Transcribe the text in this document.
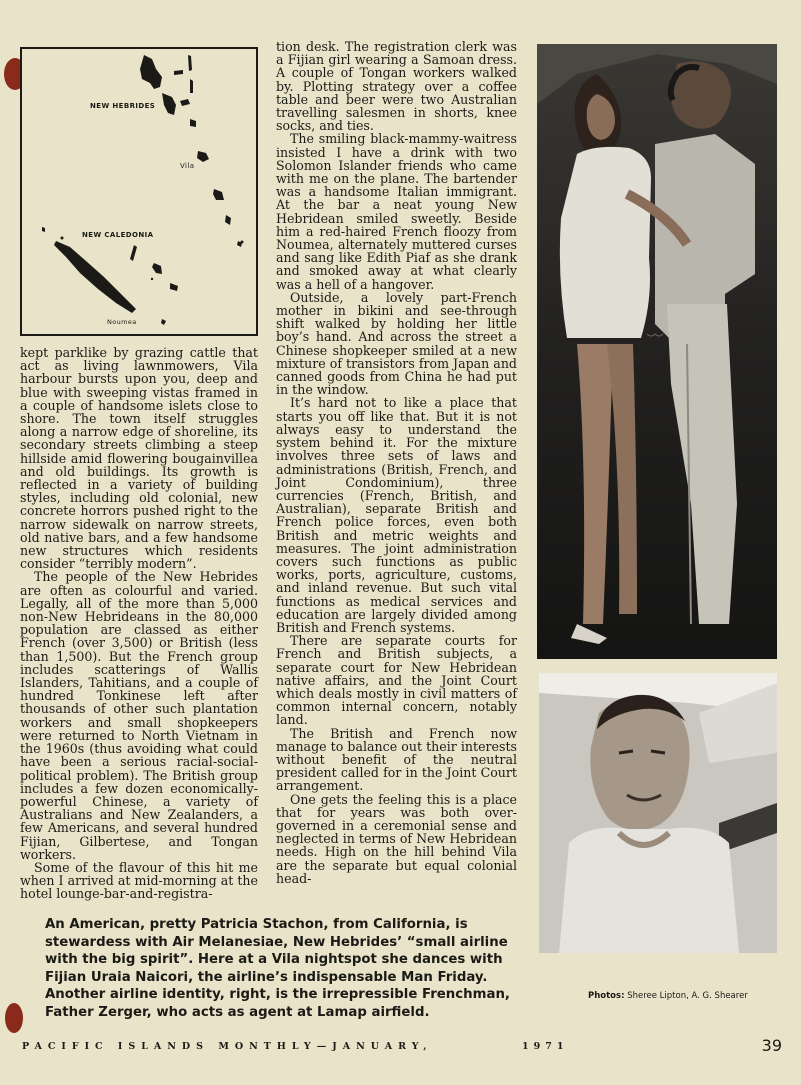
NEW HEBRIDES
Vila
NEW CALEDONIA
Noumea

kept parklike by grazing cattle that act as living lawnmowers, Vila harbour bursts upon you, deep and blue with sweeping vistas framed in a couple of handsome islets close to shore. The town itself struggles along a narrow edge of shoreline, its secondary streets climbing a steep hillside amid flowering bougainvillea and old buildings. Its growth is reflected in a variety of building styles, including old colonial, new concrete horrors pushed right to the narrow sidewalk on narrow streets, old native bars, and a few handsome new structures which residents consider “terribly modern”.

The people of the New Hebrides are often as colourful and varied. Legally, all of the more than 5,000 non-New Hebrideans in the 80,000 population are classed as either French (over 3,500) or British (less than 1,500). But the French group includes scatterings of Wallis Islanders, Tahitians, and a couple of hundred Tonkinese left after thousands of other such plantation workers and small shopkeepers were returned to North Vietnam in the 1960s (thus avoiding what could have been a serious racial-social-political problem). The British group includes a few dozen economically-powerful Chinese, a variety of Australians and New Zealanders, a few Americans, and several hundred Fijian, Gilbertese, and Tongan workers.

Some of the flavour of this hit me when I arrived at mid-morning at the hotel lounge-bar-and-registra-

tion desk. The registration clerk was a Fijian girl wearing a Samoan dress. A couple of Tongan workers walked by. Plotting strategy over a coffee table and beer were two Australian travelling salesmen in shorts, knee socks, and ties.

The smiling black-mammy-waitress insisted I have a drink with two Solomon Islander friends who came with me on the plane. The bartender was a handsome Italian immigrant. At the bar a neat young New Hebridean smiled sweetly. Beside him a red-haired French floozy from Noumea, alternately muttered curses and sang like Edith Piaf as she drank and smoked away at what clearly was a hell of a hangover.

Outside, a lovely part-French mother in bikini and see-through shift walked by holding her little boy’s hand. And across the street a Chinese shopkeeper smiled at a new mixture of transistors from Japan and canned goods from China he had put in the window.

It’s hard not to like a place that starts you off like that. But it is not always easy to understand the system behind it. For the mixture involves three sets of laws and administrations (British, French, and Joint Condominium), three currencies (French, British, and Australian), separate British and French police forces, even both British and metric weights and measures. The joint administration covers such functions as public works, ports, agriculture, customs, and inland revenue. But such vital functions as medical services and education are largely divided among British and French systems.

There are separate courts for French and British subjects, a separate court for New Hebridean native affairs, and the Joint Court which deals mostly in civil matters of common internal concern, notably land.

The British and French now manage to balance out their interests without benefit of the neutral president called for in the Joint Court arrangement.

One gets the feeling this is a place that for years was both over-governed in a ceremonial sense and neglected in terms of New Hebridean needs. High on the hill behind Vila are the separate but equal colonial head-

An American, pretty Patricia Stachon, from California, is stewardess with Air Melanesiae, New Hebrides’ “small airline with the big spirit”. Here at a Vila nightspot she dances with Fijian Uraia Naicori, the airline’s indispensable Man Friday. Another airline identity, right, is the irrepressible Frenchman, Father Zerger, who acts as agent at Lamap airfield.
Photos: Sheree Lipton, A. G. Shearer
PACIFIC ISLANDS MONTHLY—JANUARY,	1971	39
